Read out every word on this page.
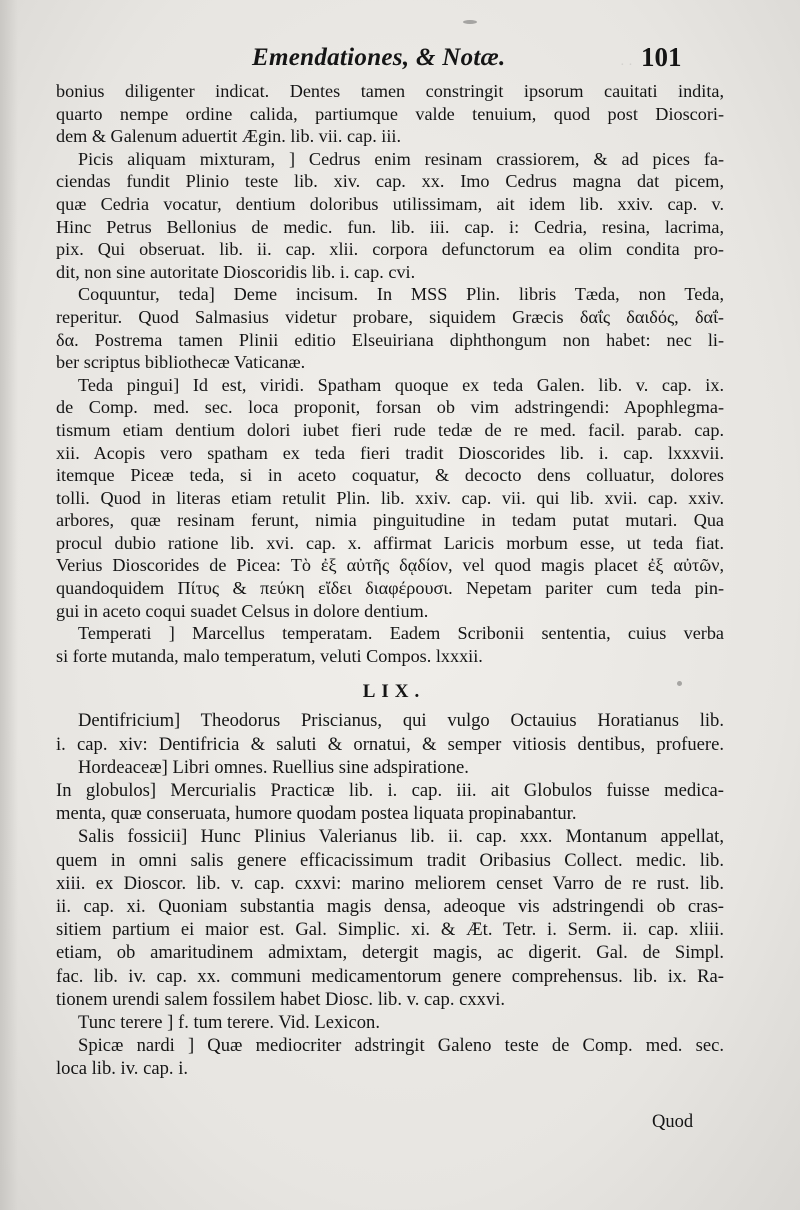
· ·
Emendationes, & Notæ.	101
bonius diligenter indicat. Dentes tamen constringit ipsorum cauitati indita,
quarto nempe ordine calida, partiumque valde tenuium, quod post Dioscori-
dem & Galenum aduertit Ægin. lib. vii. cap. iii.
Picis aliquam mixturam, ] Cedrus enim resinam crassiorem, & ad pices fa-
ciendas fundit Plinio teste lib. xiv. cap. xx. Imo Cedrus magna dat picem,
quæ Cedria vocatur, dentium doloribus utilissimam, ait idem lib. xxiv. cap. v.
Hinc Petrus Bellonius de medic. fun. lib. iii. cap. i: Cedria, resina, lacrima,
pix. Qui obseruat. lib. ii. cap. xlii. corpora defunctorum ea olim condita pro-
dit, non sine autoritate Dioscoridis lib. i. cap. cvi.
Coquuntur, teda] Deme incisum. In MSS Plin. libris Tæda, non Teda,
reperitur. Quod Salmasius videtur probare, siquidem Græcis δαΐς δαιδός, δαΐ-
δα. Postrema tamen Plinii editio Elseuiriana diphthongum non habet: nec li-
ber scriptus bibliothecæ Vaticanæ.
Teda pingui] Id est, viridi. Spatham quoque ex teda Galen. lib. v. cap. ix.
de Comp. med. sec. loca proponit, forsan ob vim adstringendi: Apophlegma-
tismum etiam dentium dolori iubet fieri rude tedæ de re med. facil. parab. cap.
xii. Acopis vero spatham ex teda fieri tradit Dioscorides lib. i. cap. lxxxvii.
itemque Piceæ teda, si in aceto coquatur, & decocto dens colluatur, dolores
tolli. Quod in literas etiam retulit Plin. lib. xxiv. cap. vii. qui lib. xvii. cap. xxiv.
arbores, quæ resinam ferunt, nimia pinguitudine in tedam putat mutari. Qua
procul dubio ratione lib. xvi. cap. x. affirmat Laricis morbum esse, ut teda fiat.
Verius Dioscorides de Picea: Τὸ ἐξ αὐτῆς δᾳδίον, vel quod magis placet ἐξ αὐτῶν,
quandoquidem Πίτυς & πεύκη εἴδει διαφέρουσι. Nepetam pariter cum teda pin-
gui in aceto coqui suadet Celsus in dolore dentium.
Temperati ] Marcellus temperatam. Eadem Scribonii sententia, cuius verba
si forte mutanda, malo temperatum, veluti Compos. lxxxii.
LIX.
Dentifricium] Theodorus Priscianus, qui vulgo Octauius Horatianus lib.
i. cap. xiv: Dentifricia & saluti & ornatui, & semper vitiosis dentibus, profuere.
Hordeaceæ] Libri omnes. Ruellius sine adspiratione.
In globulos] Mercurialis Practicæ lib. i. cap. iii. ait Globulos fuisse medica-
menta, quæ conseruata, humore quodam postea liquata propinabantur.
Salis fossicii] Hunc Plinius Valerianus lib. ii. cap. xxx. Montanum appellat,
quem in omni salis genere efficacissimum tradit Oribasius Collect. medic. lib.
xiii. ex Dioscor. lib. v. cap. cxxvi: marino meliorem censet Varro de re rust. lib.
ii. cap. xi. Quoniam substantia magis densa, adeoque vis adstringendi ob cras-
sitiem partium ei maior est. Gal. Simplic. xi. & Æt. Tetr. i. Serm. ii. cap. xliii.
etiam, ob amaritudinem admixtam, detergit magis, ac digerit. Gal. de Simpl.
fac. lib. iv. cap. xx. communi medicamentorum genere comprehensus. lib. ix. Ra-
tionem urendi salem fossilem habet Diosc. lib. v. cap. cxxvi.
Tunc terere ] f. tum terere. Vid. Lexicon.
Spicæ nardi ] Quæ mediocriter adstringit Galeno teste de Comp. med. sec.
loca lib. iv. cap. i.
Quod
